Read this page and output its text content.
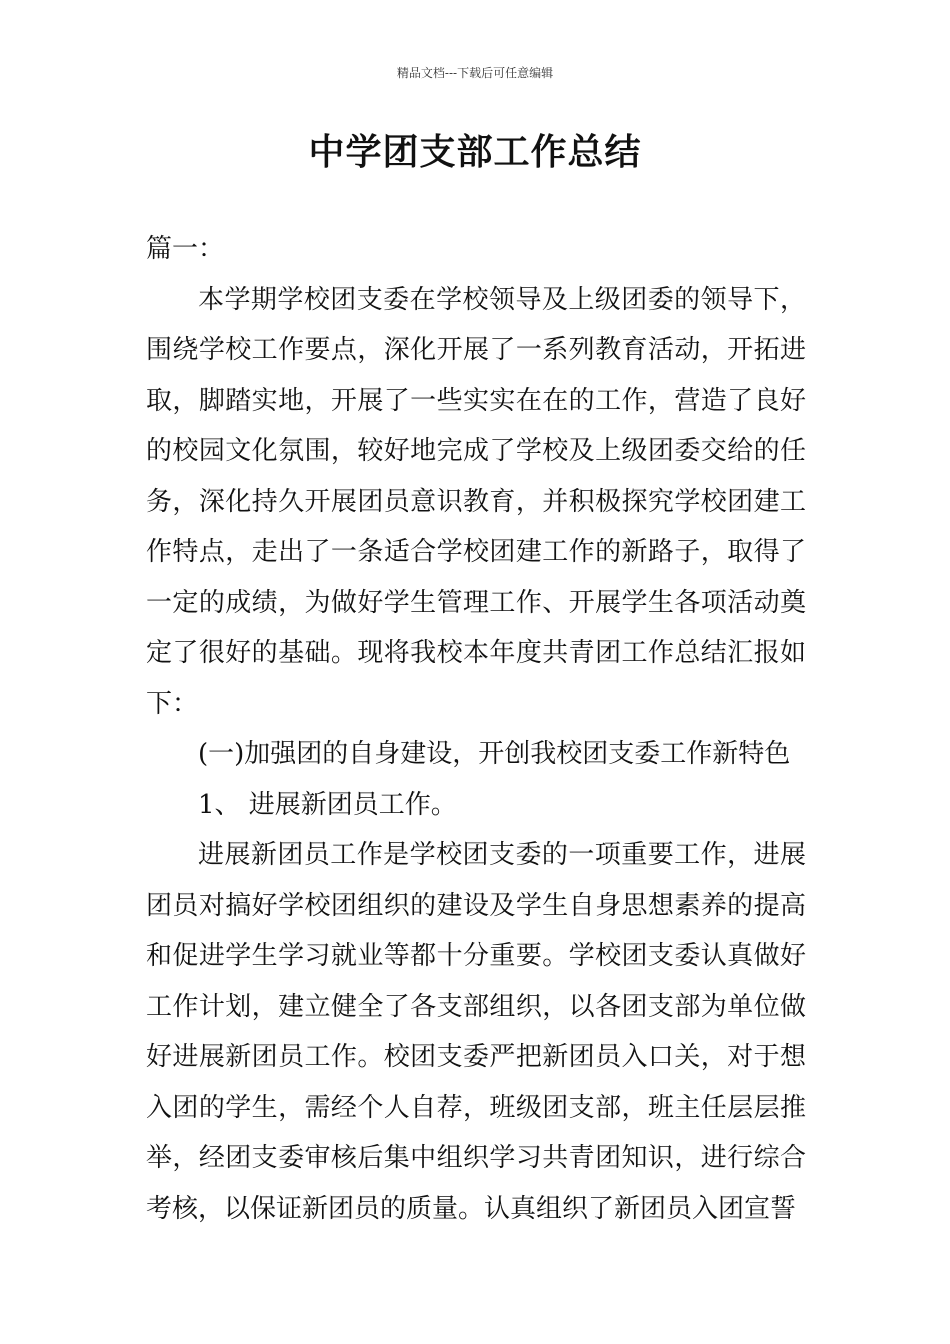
精品文档---下载后可任意编辑
中学团支部工作总结

篇一：

本学期学校团支委在学校领导及上级团委的领导下，围绕学校工作要点，深化开展了一系列教育活动，开拓进取，脚踏实地，开展了一些实实在在的工作，营造了良好的校园文化氛围，较好地完成了学校及上级团委交给的任务，深化持久开展团员意识教育，并积极探究学校团建工作特点，走出了一条适合学校团建工作的新路子，取得了一定的成绩，为做好学生管理工作、开展学生各项活动奠定了很好的基础。现将我校本年度共青团工作总结汇报如下：

(一)加强团的自身建设，开创我校团支委工作新特色

1、 进展新团员工作。

进展新团员工作是学校团支委的一项重要工作，进展团员对搞好学校团组织的建设及学生自身思想素养的提高和促进学生学习就业等都十分重要。学校团支委认真做好工作计划，建立健全了各支部组织，以各团支部为单位做好进展新团员工作。校团支委严把新团员入口关，对于想入团的学生，需经个人自荐，班级团支部，班主任层层推举，经团支委审核后集中组织学习共青团知识，进行综合考核，以保证新团员的质量。认真组织了新团员入团宣誓
